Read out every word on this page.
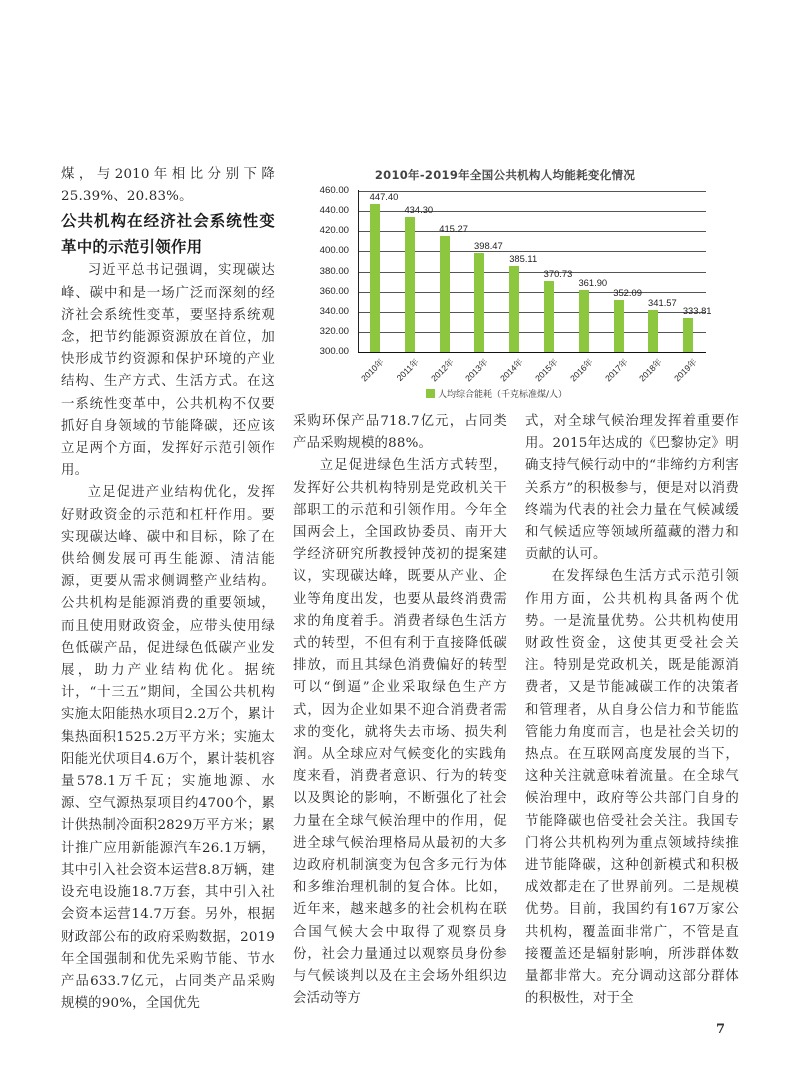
2010年-2019年全国公共机构人均能耗变化情况
460.00
440.00
420.00
400.00
380.00
360.00
340.00
320.00
300.00
447.40
434.30
415.27
398.47
385.11
370.73
361.90
352.09
341.57
333.81
2010年 2011年 2012年 2013年 2014年 2015年 2016年 2017年 2018年 2019年
人均综合能耗（千克标准煤/人）

煤，与2010年相比分别下降25.39%、20.83%。

公共机构在经济社会系统性变革中的示范引领作用

习近平总书记强调，实现碳达峰、碳中和是一场广泛而深刻的经济社会系统性变革，要坚持系统观念，把节约能源资源放在首位，加快形成节约资源和保护环境的产业结构、生产方式、生活方式。在这一系统性变革中，公共机构不仅要抓好自身领域的节能降碳，还应该立足两个方面，发挥好示范引领作用。

立足促进产业结构优化，发挥好财政资金的示范和杠杆作用。要实现碳达峰、碳中和目标，除了在供给侧发展可再生能源、清洁能源，更要从需求侧调整产业结构。公共机构是能源消费的重要领域，而且使用财政资金，应带头使用绿色低碳产品，促进绿色低碳产业发展，助力产业结构优化。据统计，“十三五”期间，全国公共机构实施太阳能热水项目2.2万个，累计集热面积1525.2万平方米；实施太阳能光伏项目4.6万个，累计装机容量578.1万千瓦；实施地源、水源、空气源热泵项目约4700个，累计供热制冷面积2829万平方米；累计推广应用新能源汽车26.1万辆，其中引入社会资本运营8.8万辆，建设充电设施18.7万套，其中引入社会资本运营14.7万套。另外，根据财政部公布的政府采购数据，2019年全国强制和优先采购节能、节水产品633.7亿元，占同类产品采购规模的90%，全国优先

采购环保产品718.7亿元，占同类产品采购规模的88%。

立足促进绿色生活方式转型，发挥好公共机构特别是党政机关干部职工的示范和引领作用。今年全国两会上，全国政协委员、南开大学经济研究所教授钟茂初的提案建议，实现碳达峰，既要从产业、企业等角度出发，也要从最终消费需求的角度着手。消费者绿色生活方式的转型，不但有利于直接降低碳排放，而且其绿色消费偏好的转型可以“倒逼”企业采取绿色生产方式，因为企业如果不迎合消费者需求的变化，就将失去市场、损失利润。从全球应对气候变化的实践角度来看，消费者意识、行为的转变以及舆论的影响，不断强化了社会力量在全球气候治理中的作用，促进全球气候治理格局从最初的大多边政府机制演变为包含多元行为体和多维治理机制的复合体。比如，近年来，越来越多的社会机构在联合国气候大会中取得了观察员身份，社会力量通过以观察员身份参与气候谈判以及在主会场外组织边会活动等方

式，对全球气候治理发挥着重要作用。2015年达成的《巴黎协定》明确支持气候行动中的“非缔约方利害关系方”的积极参与，便是对以消费终端为代表的社会力量在气候减缓和气候适应等领域所蕴藏的潜力和贡献的认可。

在发挥绿色生活方式示范引领作用方面，公共机构具备两个优势。一是流量优势。公共机构使用财政性资金，这使其更受社会关注。特别是党政机关，既是能源消费者，又是节能减碳工作的决策者和管理者，从自身公信力和节能监管能力角度而言，也是社会关切的热点。在互联网高度发展的当下，这种关注就意味着流量。在全球气候治理中，政府等公共部门自身的节能降碳也倍受社会关注。我国专门将公共机构列为重点领域持续推进节能降碳，这种创新模式和积极成效都走在了世界前列。二是规模优势。目前，我国约有167万家公共机构，覆盖面非常广，不管是直接覆盖还是辐射影响，所涉群体数量都非常大。充分调动这部分群体的积极性，对于全

7
